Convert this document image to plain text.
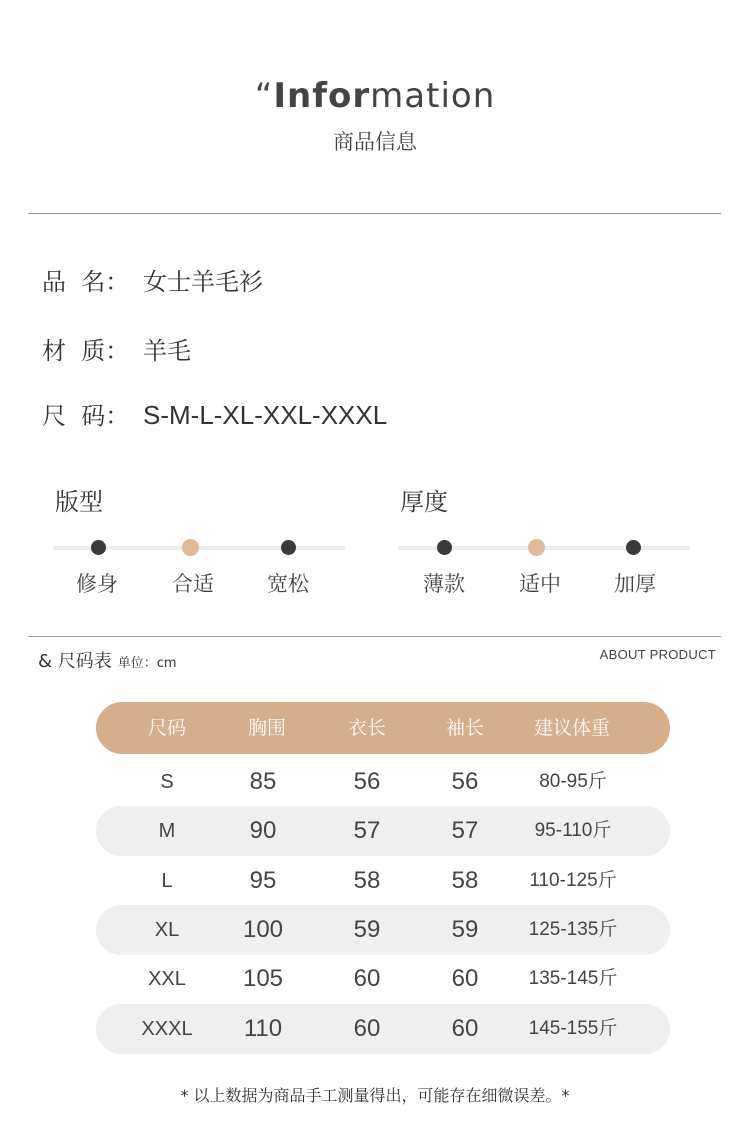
“Information
商品信息
品  名： 女士羊毛衫
材  质： 羊毛
尺  码： S-M-L-XL-XXL-XXXL
版型
修身	合适	宽松
厚度
薄款	适中	加厚
& 尺码表 单位：cm
ABOUT PRODUCT
尺码	胸围	衣长	袖长	建议体重
S	85	56	56	80-95斤
M	90	57	57	95-110斤
L	95	58	58	110-125斤
XL	100	59	59	125-135斤
XXL	105	60	60	135-145斤
XXXL	110	60	60	145-155斤
* 以上数据为商品手工测量得出，可能存在细微误差。*
